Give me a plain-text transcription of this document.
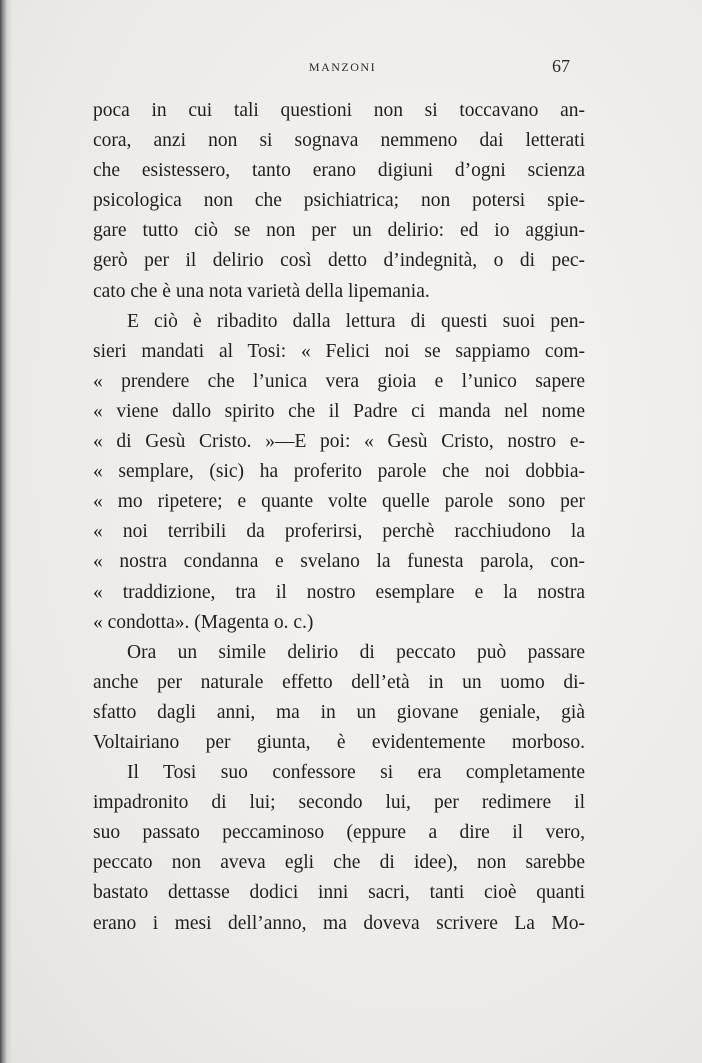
MANZONI	67
poca in cui tali questioni non si toccavano an-
cora, anzi non si sognava nemmeno dai letterati
che esistessero, tanto erano digiuni d’ogni scienza
psicologica non che psichiatrica; non potersi spie-
gare tutto ciò se non per un delirio: ed io aggiun-
gerò per il delirio così detto d’indegnità, o di pec-
cato che è una nota varietà della lipemania.
E ciò è ribadito dalla lettura di questi suoi pen-
sieri mandati al Tosi: « Felici noi se sappiamo com-
« prendere che l’unica vera gioia e l’unico sapere
« viene dallo spirito che il Padre ci manda nel nome
« di Gesù Cristo. »—E poi: « Gesù Cristo, nostro e-
« semplare, (sic) ha proferito parole che noi dobbia-
« mo ripetere; e quante volte quelle parole sono per
« noi terribili da proferirsi, perchè racchiudono la
« nostra condanna e svelano la funesta parola, con-
« traddizione, tra il nostro esemplare e la nostra
« condotta». (Magenta o. c.)
Ora un simile delirio di peccato può passare
anche per naturale effetto dell’età in un uomo di-
sfatto dagli anni, ma in un giovane geniale, già
Voltairiano per giunta, è evidentemente morboso.
Il Tosi suo confessore si era completamente
impadronito di lui; secondo lui, per redimere il
suo passato peccaminoso (eppure a dire il vero,
peccato non aveva egli che di idee), non sarebbe
bastato dettasse dodici inni sacri, tanti cioè quanti
erano i mesi dell’anno, ma doveva scrivere La Mo-
